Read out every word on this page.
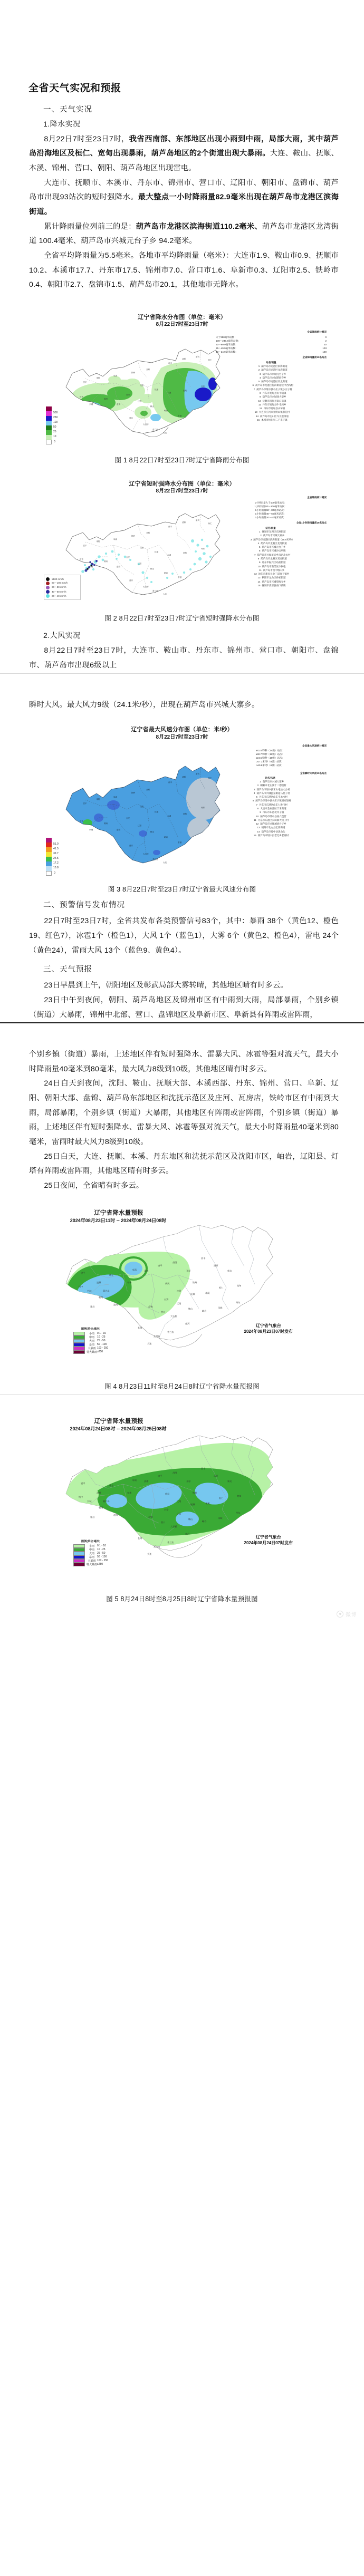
全省天气实况和预报
一、天气实况
1.降水实况

8月22日7时至23日7时，我省西南部、东部地区出现小雨到中雨，局部大雨，其中葫芦岛沿海地区及桓仁、宽甸出现暴雨，葫芦岛地区的2个街道出现大暴雨。大连、鞍山、抚顺、本溪、锦州、营口、朝阳、葫芦岛地区出现雷电。

大连市、抚顺市、本溪市、丹东市、锦州市、营口市、辽阳市、朝阳市、盘锦市、葫芦岛市出现93站次的短时强降水。最大整点一小时降雨量82.9毫米出现在葫芦岛市龙港区滨海街道。

累计降雨量位列前三的是：葫芦岛市龙港区滨海街道110.2毫米、葫芦岛市龙港区龙湾街道 100.4毫米、葫芦岛市兴城元台子乡 94.2毫米。

全省平均降雨量为5.5毫米。各地市平均降雨量（毫米）：大连市1.9、鞍山市0.9、抚顺市10.2、本溪市17.7、丹东市17.5、锦州市7.0、营口市1.6、阜新市0.3、辽阳市2.5、铁岭市0.4、朝阳市2.7、盘锦市1.5、葫芦岛市20.1，其他地市无降水。

辽宁省降水分布图（单位：毫米）
8月22日7时至23日7时
建平
朝阳
阜新
铁岭
开原
西丰
清原
新宾
桓仁
沈阳
抚顺
本溪
宽甸
丹东
台安
辽阳
鞍山
岫岩
东港
盘锦
锦州
兴城
绥中
营口
大石桥
普兰店
大连
全省降雨统计概况
大于250毫米站数：	0
100～249.9毫米站数：	2
50～99.9毫米站数：	20
25～49.9毫米站数：	103
10～24.9毫米站数：	169
全省降雨量前15名站点
站名/雨量
1 葫芦岛市龙港区滨海街道
2 葫芦岛市龙港区龙湾街道
3 葫芦岛市兴城元台子乡
4 葫芦岛市兴城望海寺乡
5 葫芦岛市龙港区双龙街道
6 葫芦岛市龙港区海滨街道绥中西沟村
7 葫芦岛市绥中县小庄子镇小庄子村
8 丹东市宽甸县太平哨镇
9 葫芦岛市兴城徐大堡乡
10 抚顺市清原县南口前镇
11 丹东市宽甸县牛毛坞乡
12 丹东市宽甸县永甸镇
13 大连市庄河市光明山镇蓉花村
14 葫芦岛市连山区寺儿堡街道
15 本溪市桓仁县二户来子镇
0
10
25
50
100
250
500
图 1 8月22日7时至23日7时辽宁省降雨分布图
辽宁省短时强降水分布图（单位：毫米）
8月22日7时至23日7时
建平
朝阳
阜新
铁岭
开原
西丰
清原
新宾
桓仁
沈阳
抚顺
本溪
宽甸
丹东
台安
辽阳
鞍山
岫岩
东港
盘锦
锦州
兴城
绥中
营口
大石桥
普兰店
大连
全省降雨统计概况
1小时雨量大于100毫米站次：
1小时雨量80～100毫米站次：
1小时雨量60～80毫米站次：
1小时雨量40～60毫米站次：
1小时雨量20～40毫米站次：
全省1小时降雨量前15名站点
站名/雨量
1 抚顺市东洲区东洲街道
2 葫芦岛市兴城大寨乡
3 葫芦岛市龙港区滨海街道（25.8米/秒）
4 葫芦岛市龙港区龙湾街道
5 葫芦岛市兴城元台子乡
6 葫芦岛市兴城沙后所镇
7 葫芦岛市兴城羊安乡南店北永村
8 葫芦岛市龙港区双龙街道
9 丹东市振兴区站前街道
10 葫芦岛市南票区沙锅屯
11 葫芦岛市绥中塔山乡
12 沈阳市新民县北三道岗子镇村
13 朝阳市龙山区孙家街道
14 葫芦岛市兴城望海寺乡
15 抚顺市清原县南口前镇
≥100 mm/h
80～100 mm/h
60～80 mm/h
40～60 mm/h
20～40 mm/h
图 2 8月22日7时至23日7时辽宁省短时强降水分布图
2.大风实况

8月22日7时至23日7时，大连市、鞍山市、丹东市、锦州市、营口市、朝阳市、盘锦市、葫芦岛市出现6级以上

瞬时大风。最大风力9级（24.1米/秒），出现在葫芦岛市兴城大寨乡。

辽宁省最大风速分布图（单位：米/秒）
8月22日7时至23日7时
建平
朝阳
阜新
铁岭
开原
西丰
清原
新宾
桓仁
沈阳
抚顺
本溪
宽甸
丹东
台安
辽阳
鞍山
岫岩
东港
盘锦
锦州
兴城
绥中
营口
大石桥
普兰店
大连
全省最大风速统计概况
≥41.5米/秒（14级）站次：
≥32.7米/秒（12级）站次：
≥24.5米/秒（10级）站次：
≥17.2米/秒（8级）站次：
≥10.8米/秒（6级）站次：
全省瞬时大风前15名站点
站名/风速
1 葫芦岛市兴城大寨乡
2 朝阳市北左旗十二德堡村
3 葫芦岛市绥中县米山屯站大台村
4 葫芦岛市兴城温泉街道马杖子村
5 丹东市东港区山东屯永水村
6 葫芦岛市绥中县水庄子镇胡家堡村
7 丹东市东港区山东七股屯村
8 大连市金石滩区丰禾街道
9 丹东市东港北井子镇
10 葫芦岛市绥中县南六盘营
11 丹东市东港区长山镇大顶子村
12 葫芦岛市兴城城刘台子乡
13 朝阳市北左县宏新街道
14 葫芦岛市绥中县黑山头
15 葫芦岛市绥中县老宅乡老窝村
0
10.8
17.2
24.5
32.7
41.5
51.0
图 3 8月22日7时至23日7时辽宁省最大风速分布图
二、预警信号发布情况

22日7时至23日7时，全省共发布各类预警信号83个，其中：暴雨 38个（黄色12、橙色19、红色7），冰雹1个（橙色1），大风 1个（蓝色1），大雾 6个（黄色2、橙色4），雷电 24个（黄色24），雷雨大风 13个（蓝色9、黄色4）。

三、天气预报

23日早晨到上午，朝阳地区及彰武局部大雾转晴，其他地区晴有时多云。

23日中午到夜间，朝阳、葫芦岛地区及锦州市区有中雨到大雨，局部暴雨，个别乡镇（街道）大暴雨，锦州中北部、营口、盘锦地区及阜新市区、阜新县有阵雨或雷阵雨，

个别乡镇（街道）暴雨，上述地区伴有短时强降水、雷暴大风、冰雹等强对流天气，最大小时降雨量40毫米到80毫米，最大风力8级到10级，其他地区晴有时多云。

24日白天到夜间，沈阳、鞍山、抚顺大部、本溪西部、丹东、锦州、营口、阜新、辽阳、朝阳大部、盘锦、葫芦岛东部地区和沈抚示范区及庄河、瓦房店，铁岭市区有中雨到大雨，局部暴雨，个别乡镇（街道）大暴雨，其他地区有阵雨或雷阵雨，个别乡镇（街道）暴雨，上述地区伴有短时强降水、雷暴大风、冰雹等强对流天气，最大小时降雨量40毫米到80毫米，雷雨时最大风力8级到10级。

25日白天，大连、抚顺、本溪、丹东地区和沈抚示范区及沈阳市区，岫岩，辽阳县、灯塔有阵雨或雷阵雨，其他地区晴有时多云。

25日夜间，全省晴有时多云。

辽宁省降水量预报
2024年08月23日11时 -- 2024年08月24日08时
建平
凌源
喀左
朝阳
建昌
凌海
彰武
阜新
法库
康平
昌图
开原
铁岭
西丰
清原
新宾
新民
沈阳
抚顺	本溪
桓仁
宽甸
台安
辽阳
鞍山
岫岩
凤城
丹东
盘锦
营口
大石桥
庄河
普兰店
瓦房店
大连
长海
绥中
兴城	葫芦岛
图例(单位:毫米)
小雨	0.1 - 10
中雨	10 - 25
大雨	25 - 50
暴雨	50 - 100
大暴雨 100 - 250
特大暴雨 ≥250
辽宁省气象台
2024年08月23日07时发布
图 4 8月23日11时至8月24日8时辽宁省降水量预报图
辽宁省降水量预报
2024年08月24日08时 -- 2024年08月25日08时
建平
凌源
喀左
朝阳
建昌
凌海
彰武
阜新
法库
康平
昌图
开原
铁岭
西丰
清原
新宾
新民
沈阳
抚顺	本溪
桓仁
宽甸
台安
辽阳
鞍山
岫岩
凤城
丹东
盘锦
营口
大石桥
庄河
普兰店
瓦房店
大连
长海
绥中
兴城	葫芦岛
图例(单位:毫米)
小雨	0.1 - 10
中雨	10 - 25
大雨	25 - 50
暴雨	50 - 100
大暴雨 100 - 250
特大暴雨 ≥250
辽宁省气象台
2024年08月24日07时发布
图 5 8月24日8时至8月25日8时辽宁省降水量预报图
微博
